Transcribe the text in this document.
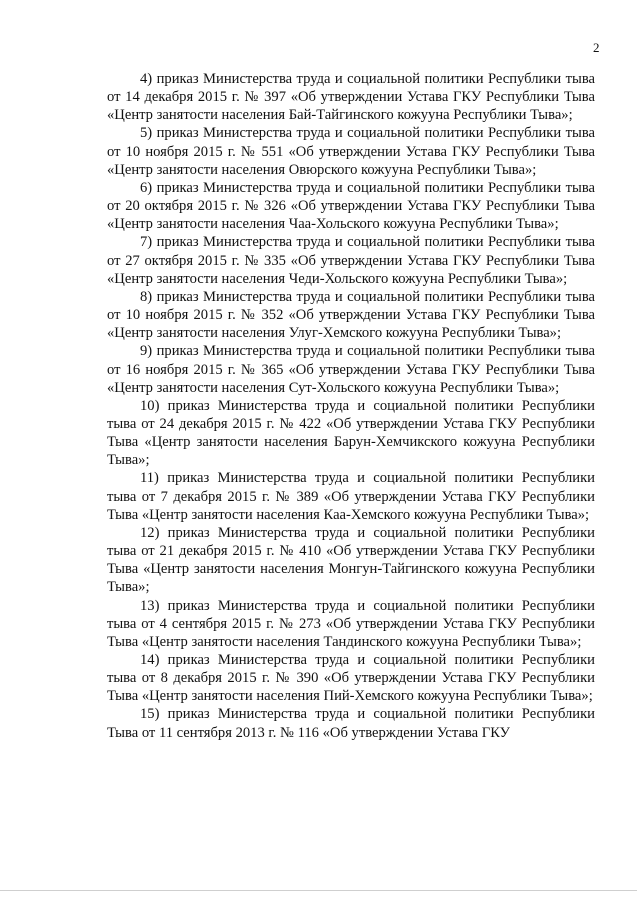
2

4) приказ Министерства труда и социальной политики Республики тыва от 14 декабря 2015 г. № 397 «Об утверждении Устава ГКУ Республики Тыва «Центр занятости населения Бай-Тайгинского кожууна Республики Тыва»;

5) приказ Министерства труда и социальной политики Республики тыва от 10 ноября 2015 г. № 551 «Об утверждении Устава ГКУ Республики Тыва «Центр занятости населения Овюрского кожууна Республики Тыва»;

6) приказ Министерства труда и социальной политики Республики тыва от 20 октября 2015 г. № 326 «Об утверждении Устава ГКУ Республики Тыва «Центр занятости населения Чаа-Хольского кожууна Республики Тыва»;

7) приказ Министерства труда и социальной политики Республики тыва от 27 октября 2015 г. № 335 «Об утверждении Устава ГКУ Республики Тыва «Центр занятости населения Чеди-Хольского кожууна Республики Тыва»;

8) приказ Министерства труда и социальной политики Республики тыва от 10 ноября 2015 г. № 352 «Об утверждении Устава ГКУ Республики Тыва «Центр занятости населения Улуг-Хемского кожууна Республики Тыва»;

9) приказ Министерства труда и социальной политики Республики тыва от 16 ноября 2015 г. № 365 «Об утверждении Устава ГКУ Республики Тыва «Центр занятости населения Сут-Хольского кожууна Республики Тыва»;

10) приказ Министерства труда и социальной политики Республики тыва от 24 декабря 2015 г. № 422 «Об утверждении Устава ГКУ Республики Тыва «Центр занятости населения Барун-Хемчикского кожууна Республики Тыва»;

11) приказ Министерства труда и социальной политики Республики тыва от 7 декабря 2015 г. № 389 «Об утверждении Устава ГКУ Республики Тыва «Центр занятости населения Каа-Хемского кожууна Республики Тыва»;

12) приказ Министерства труда и социальной политики Республики тыва от 21 декабря 2015 г. № 410 «Об утверждении Устава ГКУ Республики Тыва «Центр занятости населения Монгун-Тайгинского кожууна Республики Тыва»;

13) приказ Министерства труда и социальной политики Республики тыва от 4 сентября 2015 г. № 273 «Об утверждении Устава ГКУ Республики Тыва «Центр занятости населения Тандинского кожууна Республики Тыва»;

14) приказ Министерства труда и социальной политики Республики тыва от 8 декабря 2015 г. № 390 «Об утверждении Устава ГКУ Республики Тыва «Центр занятости населения Пий-Хемского кожууна Республики Тыва»;

15) приказ Министерства труда и социальной политики Республики Тыва от 11 сентября 2013 г. № 116 «Об утверждении Устава ГКУ
